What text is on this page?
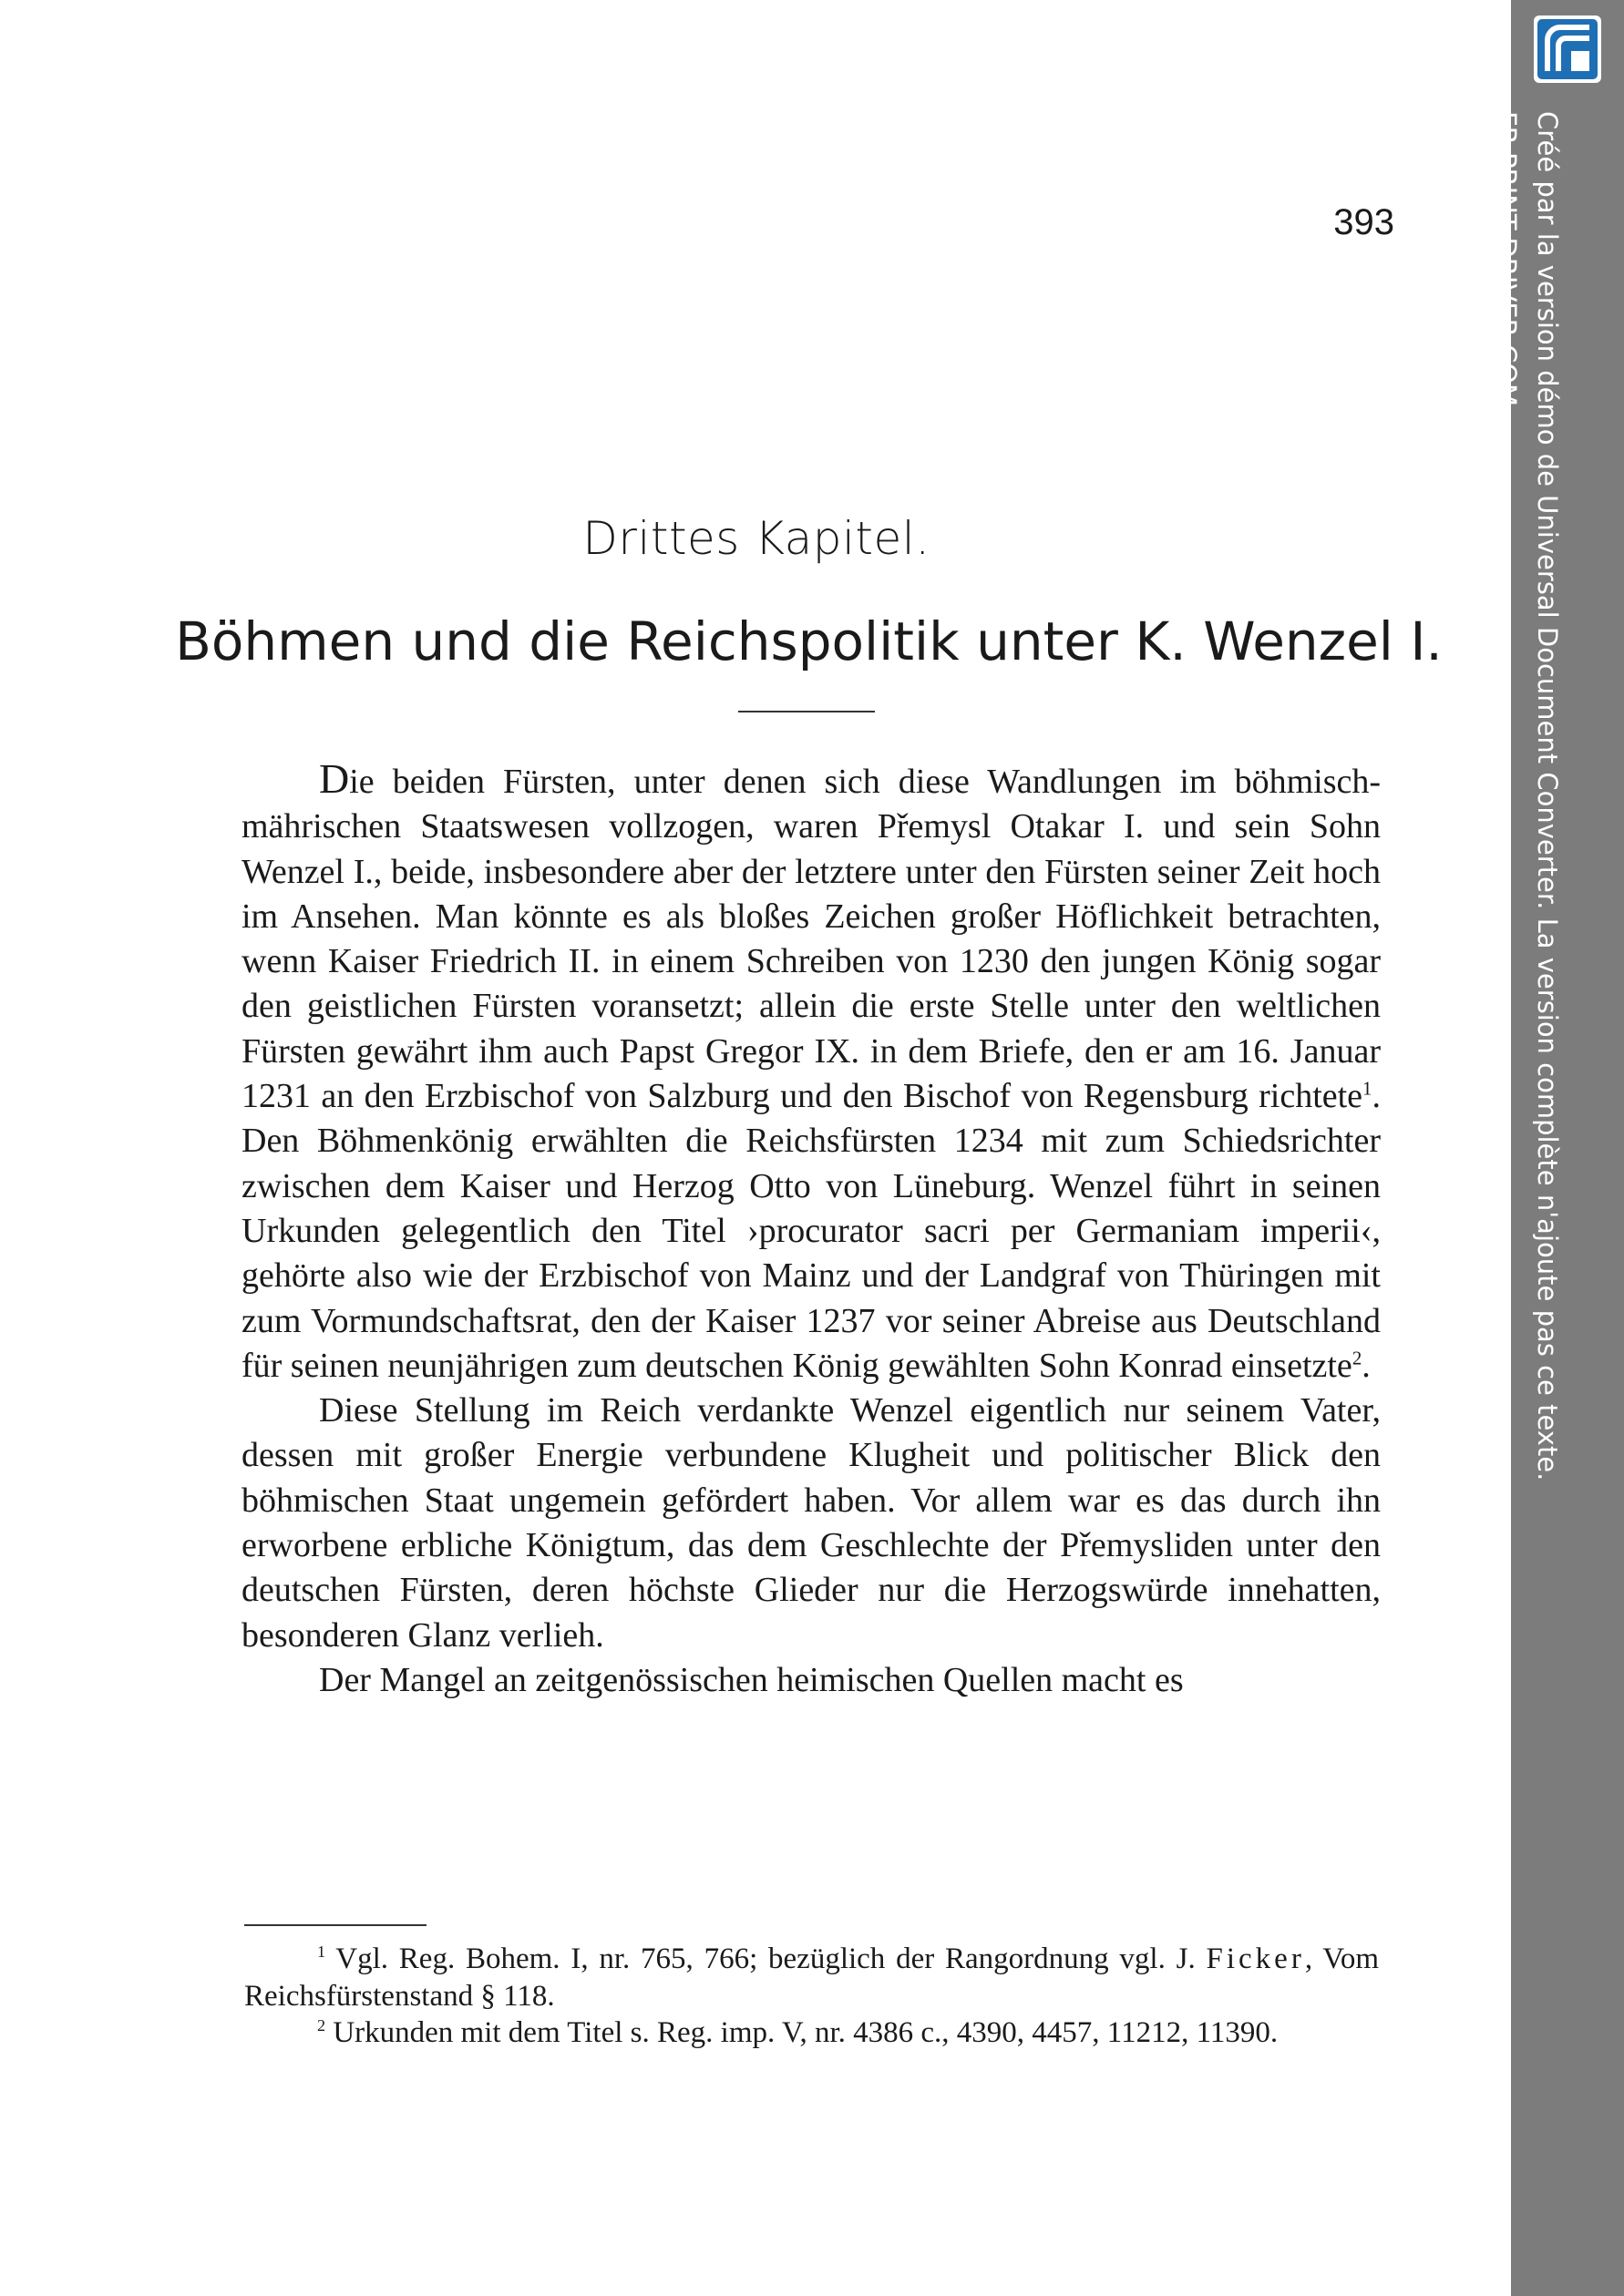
393
Drittes Kapitel.
Böhmen und die Reichspolitik unter K. Wenzel I.

Die beiden Fürsten, unter denen sich diese Wandlungen im böhmisch-mährischen Staatswesen vollzogen, waren Přemysl Otakar I. und sein Sohn Wenzel I., beide, insbesondere aber der letztere unter den Fürsten seiner Zeit hoch im Ansehen. Man könnte es als bloßes Zeichen großer Höflichkeit betrachten, wenn Kaiser Friedrich II. in einem Schreiben von 1230 den jungen König sogar den geistlichen Fürsten voransetzt; allein die erste Stelle unter den weltlichen Fürsten gewährt ihm auch Papst Gregor IX. in dem Briefe, den er am 16. Januar 1231 an den Erzbischof von Salzburg und den Bischof von Regensburg richtete$^1$. Den Böhmenkönig erwählten die Reichsfürsten 1234 mit zum Schiedsrichter zwischen dem Kaiser und Herzog Otto von Lüneburg. Wenzel führt in seinen Urkunden gelegentlich den Titel ›procurator sacri per Germaniam imperii‹, gehörte also wie der Erzbischof von Mainz und der Landgraf von Thüringen mit zum Vormundschaftsrat, den der Kaiser 1237 vor seiner Abreise aus Deutschland für seinen neunjährigen zum deutschen König gewählten Sohn Konrad einsetzte$^2$.

Diese Stellung im Reich verdankte Wenzel eigentlich nur seinem Vater, dessen mit großer Energie verbundene Klugheit und politischer Blick den böhmischen Staat ungemein gefördert haben. Vor allem war es das durch ihn erworbene erbliche Königtum, das dem Geschlechte der Přemysliden unter den deutschen Fürsten, deren höchste Glieder nur die Herzogswürde innehatten, besonderen Glanz verlieh.

Der Mangel an zeitgenössischen heimischen Quellen macht es

$^1$ Vgl. Reg. Bohem. I, nr. 765, 766; bezüglich der Rangordnung vgl. J. Ficker, Vom Reichsfürstenstand § 118.

$^2$ Urkunden mit dem Titel s. Reg. imp. V, nr. 4386 c., 4390, 4457, 11212, 11390.

Créé par la version démo de Universal Document Converter. La version complète n'ajoute pas ce texte.
FR.PRINT-DRIVER.COM
